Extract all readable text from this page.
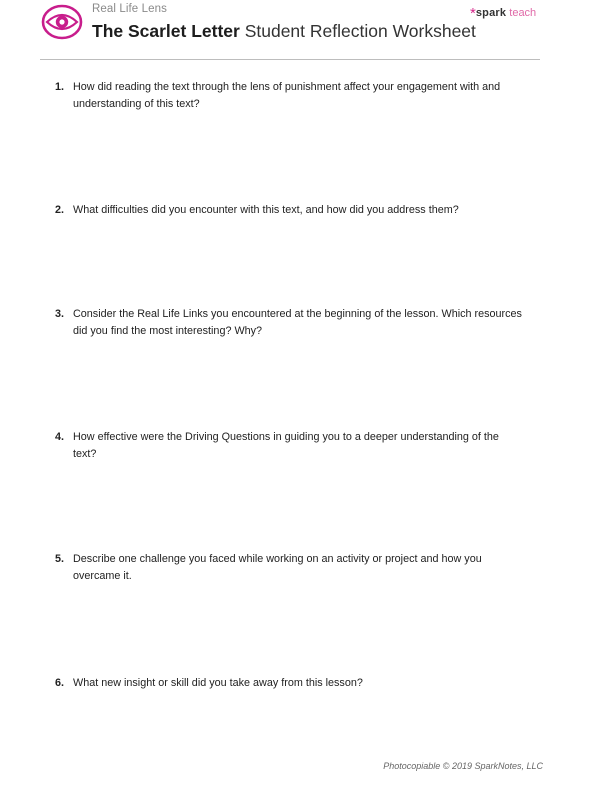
Real Life Lens
The Scarlet Letter Student Reflection Worksheet
*spark teach
1. How did reading the text through the lens of punishment affect your engagement with and understanding of this text?
2. What difficulties did you encounter with this text, and how did you address them?
3. Consider the Real Life Links you encountered at the beginning of the lesson. Which resources did you find the most interesting? Why?
4. How effective were the Driving Questions in guiding you to a deeper understanding of the text?
5. Describe one challenge you faced while working on an activity or project and how you overcame it.
6. What new insight or skill did you take away from this lesson?
Photocopiable © 2019 SparkNotes, LLC
